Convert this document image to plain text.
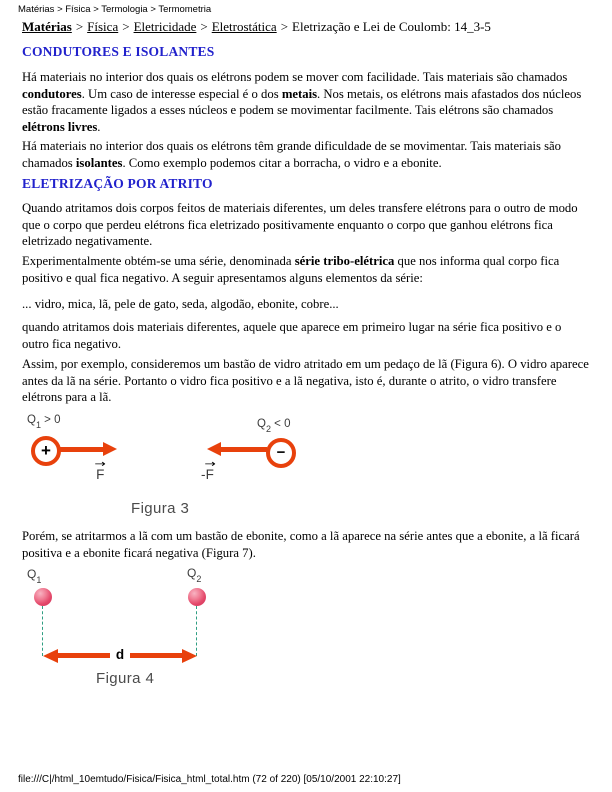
Matérias > Física > Termologia > Termometria
Matérias > Física > Eletricidade > Eletrostática > Eletrização e Lei de Coulomb: 14_3-5
CONDUTORES E ISOLANTES

Há materiais no interior dos quais os elétrons podem se mover com facilidade. Tais materiais são chamados condutores. Um caso de interesse especial é o dos metais. Nos metais, os elétrons mais afastados dos núcleos estão fracamente ligados a esses núcleos e podem se movimentar facilmente. Tais elétrons são chamados elétrons livres.

Há materiais no interior dos quais os elétrons têm grande dificuldade de se movimentar. Tais materiais são chamados isolantes. Como exemplo podemos citar a borracha, o vidro e a ebonite.

ELETRIZAÇÃO POR ATRITO

Quando atritamos dois corpos feitos de materiais diferentes, um deles transfere elétrons para o outro de modo que o corpo que perdeu elétrons fica eletrizado positivamente enquanto o corpo que ganhou elétrons fica eletrizado negativamente.

Experimentalmente obtém-se uma série, denominada série tribo-elétrica que nos informa qual corpo fica positivo e qual fica negativo. A seguir apresentamos alguns elementos da série:

... vidro, mica, lã, pele de gato, seda, algodão, ebonite, cobre...

quando atritamos dois materiais diferentes, aquele que aparece em primeiro lugar na série fica positivo e o outro fica negativo.

Assim, por exemplo, consideremos um bastão de vidro atritado em um pedaço de lã (Figura 6). O vidro aparece antes da lã na série. Portanto o vidro fica positivo e a lã negativa, isto é, durante o atrito, o vidro transfere elétrons para a lã.

$Q_1 > 0$
+
→
F
$Q_2 < 0$
−
-
→
F
Figura 3

Porém, se atritarmos a lã com um bastão de ebonite, como a lã aparece na série antes que a ebonite, a lã ficará positiva e a ebonite ficará negativa (Figura 7).

$Q_1$
$Q_2$
d
Figura 4
file:///C|/html_10emtudo/Fisica/Fisica_html_total.htm (72 of 220) [05/10/2001 22:10:27]
